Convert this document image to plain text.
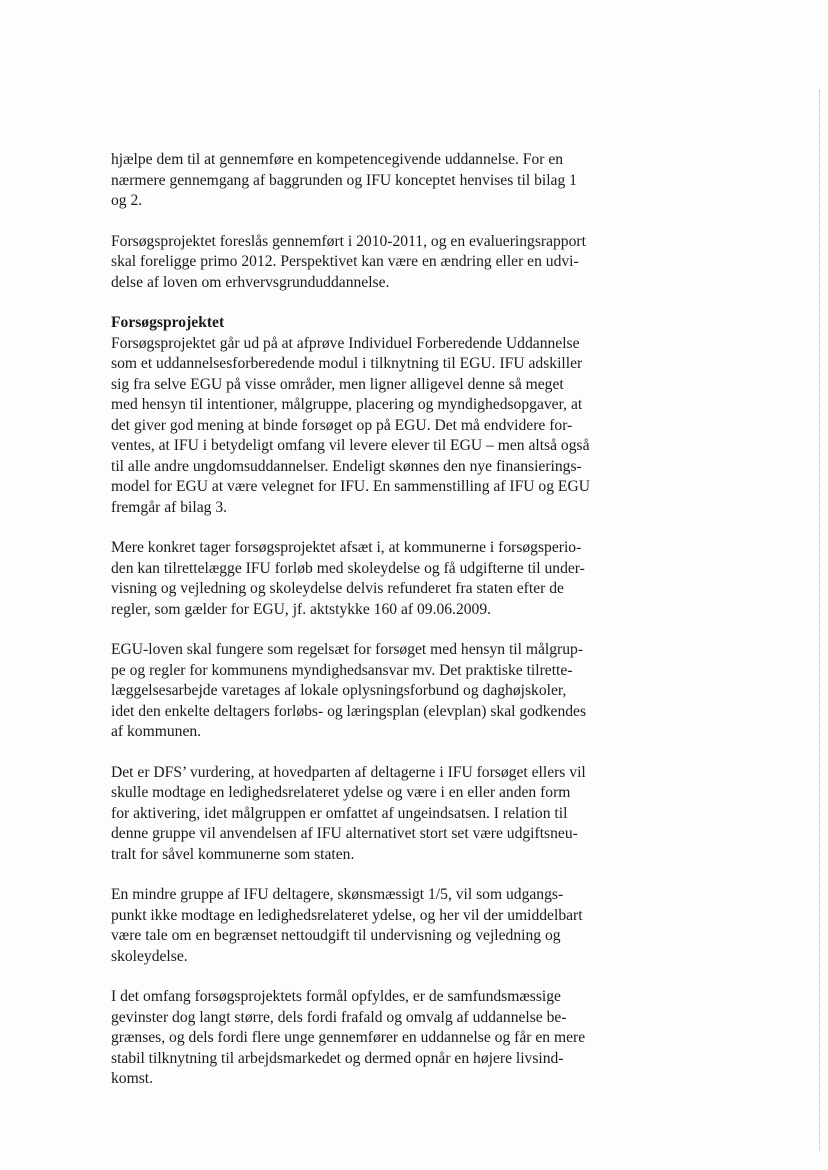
hjælpe dem til at gennemføre en kompetencegivende uddannelse. For en
nærmere gennemgang af baggrunden og IFU konceptet henvises til bilag 1
og 2.

Forsøgsprojektet foreslås gennemført i 2010-2011, og en evalueringsrapport
skal foreligge primo 2012. Perspektivet kan være en ændring eller en udvi-
delse af loven om erhvervsgrunduddannelse.

Forsøgsprojektet
Forsøgsprojektet går ud på at afprøve Individuel Forberedende Uddannelse
som et uddannelsesforberedende modul i tilknytning til EGU. IFU adskiller
sig fra selve EGU på visse områder, men ligner alligevel denne så meget
med hensyn til intentioner, målgruppe, placering og myndighedsopgaver, at
det giver god mening at binde forsøget op på EGU. Det må endvidere for-
ventes, at IFU i betydeligt omfang vil levere elever til EGU – men altså også
til alle andre ungdomsuddannelser. Endeligt skønnes den nye finansierings-
model for EGU at være velegnet for IFU. En sammenstilling af IFU og EGU
fremgår af bilag 3.

Mere konkret tager forsøgsprojektet afsæt i, at kommunerne i forsøgsperio-
den kan tilrettelægge IFU forløb med skoleydelse og få udgifterne til under-
visning og vejledning og skoleydelse delvis refunderet fra staten efter de
regler, som gælder for EGU, jf. aktstykke 160 af 09.06.2009.

EGU-loven skal fungere som regelsæt for forsøget med hensyn til målgrup-
pe og regler for kommunens myndighedsansvar mv. Det praktiske tilrette-
læggelsesarbejde varetages af lokale oplysningsforbund og daghøjskoler,
idet den enkelte deltagers forløbs- og læringsplan (elevplan) skal godkendes
af kommunen.

Det er DFS’ vurdering, at hovedparten af deltagerne i IFU forsøget ellers vil
skulle modtage en ledighedsrelateret ydelse og være i en eller anden form
for aktivering, idet målgruppen er omfattet af ungeindsatsen. I relation til
denne gruppe vil anvendelsen af IFU alternativet stort set være udgiftsneu-
tralt for såvel kommunerne som staten.

En mindre gruppe af IFU deltagere, skønsmæssigt 1/5, vil som udgangs-
punkt ikke modtage en ledighedsrelateret ydelse, og her vil der umiddelbart
være tale om en begrænset nettoudgift til undervisning og vejledning og
skoleydelse.

I det omfang forsøgsprojektets formål opfyldes, er de samfundsmæssige
gevinster dog langt større, dels fordi frafald og omvalg af uddannelse be-
grænses, og dels fordi flere unge gennemfører en uddannelse og får en mere
stabil tilknytning til arbejdsmarkedet og dermed opnår en højere livsind-
komst.
